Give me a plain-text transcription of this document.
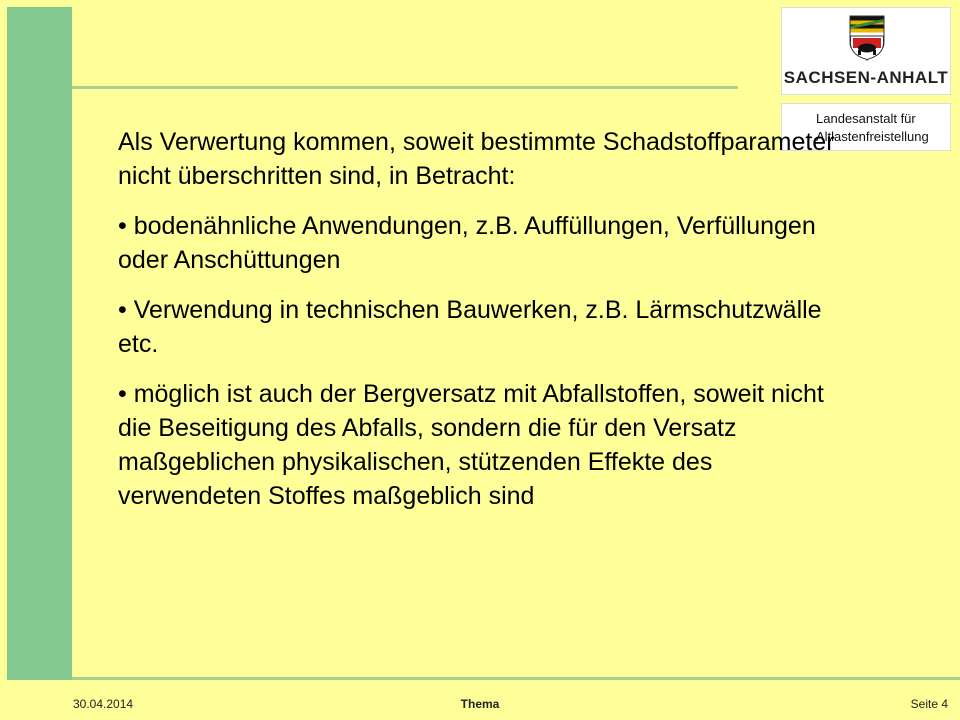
SACHSEN-ANHALT
Landesanstalt für
Altlastenfreistellung

Als Verwertung kommen, soweit bestimmte Schadstoffparameter nicht überschritten sind, in Betracht:

• bodenähnliche Anwendungen, z.B. Auffüllungen, Verfüllungen oder Anschüttungen

• Verwendung in technischen Bauwerken, z.B. Lärmschutzwälle etc.

• möglich ist auch der Bergversatz mit Abfallstoffen, soweit nicht die Beseitigung des Abfalls, sondern die für den Versatz maßgeblichen physikalischen, stützenden Effekte des verwendeten Stoffes maßgeblich sind

30.04.2014	Thema	Seite 4
